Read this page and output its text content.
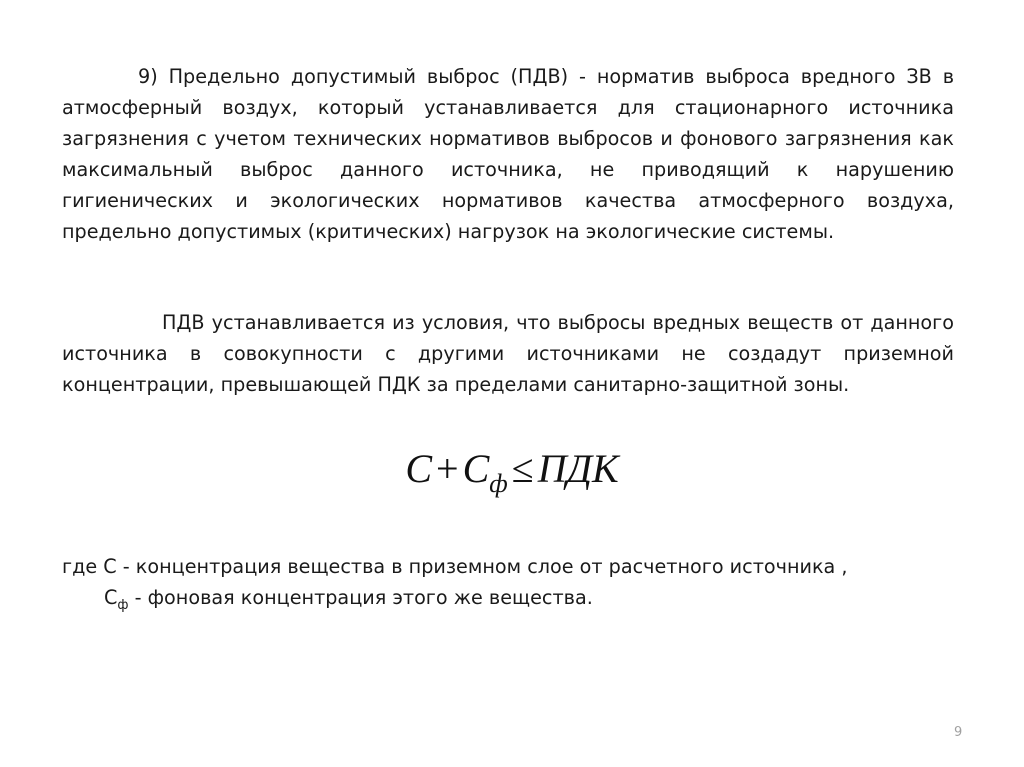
9) Предельно допустимый выброс (ПДВ) - норматив выброса вредного ЗВ в атмосферный воздух, который устанавливается для стационарного источника загрязнения с учетом технических нормативов выбросов и фонового загрязнения как максимальный выброс данного источника, не приводящий к нарушению гигиенических и экологических нормативов качества атмосферного воздуха, предельно допустимых (критических) нагрузок на экологические системы.

ПДВ устанавливается из условия, что выбросы вредных веществ от данного источника в совокупности с другими источниками не создадут приземной концентрации, превышающей ПДК за пределами санитарно-защитной зоны.

$C + C_ф$ ≤ ПДК
где С - концентрация вещества в приземном слое от расчетного источника ,
$С_ф$ - фоновая концентрация этого же вещества.
9
